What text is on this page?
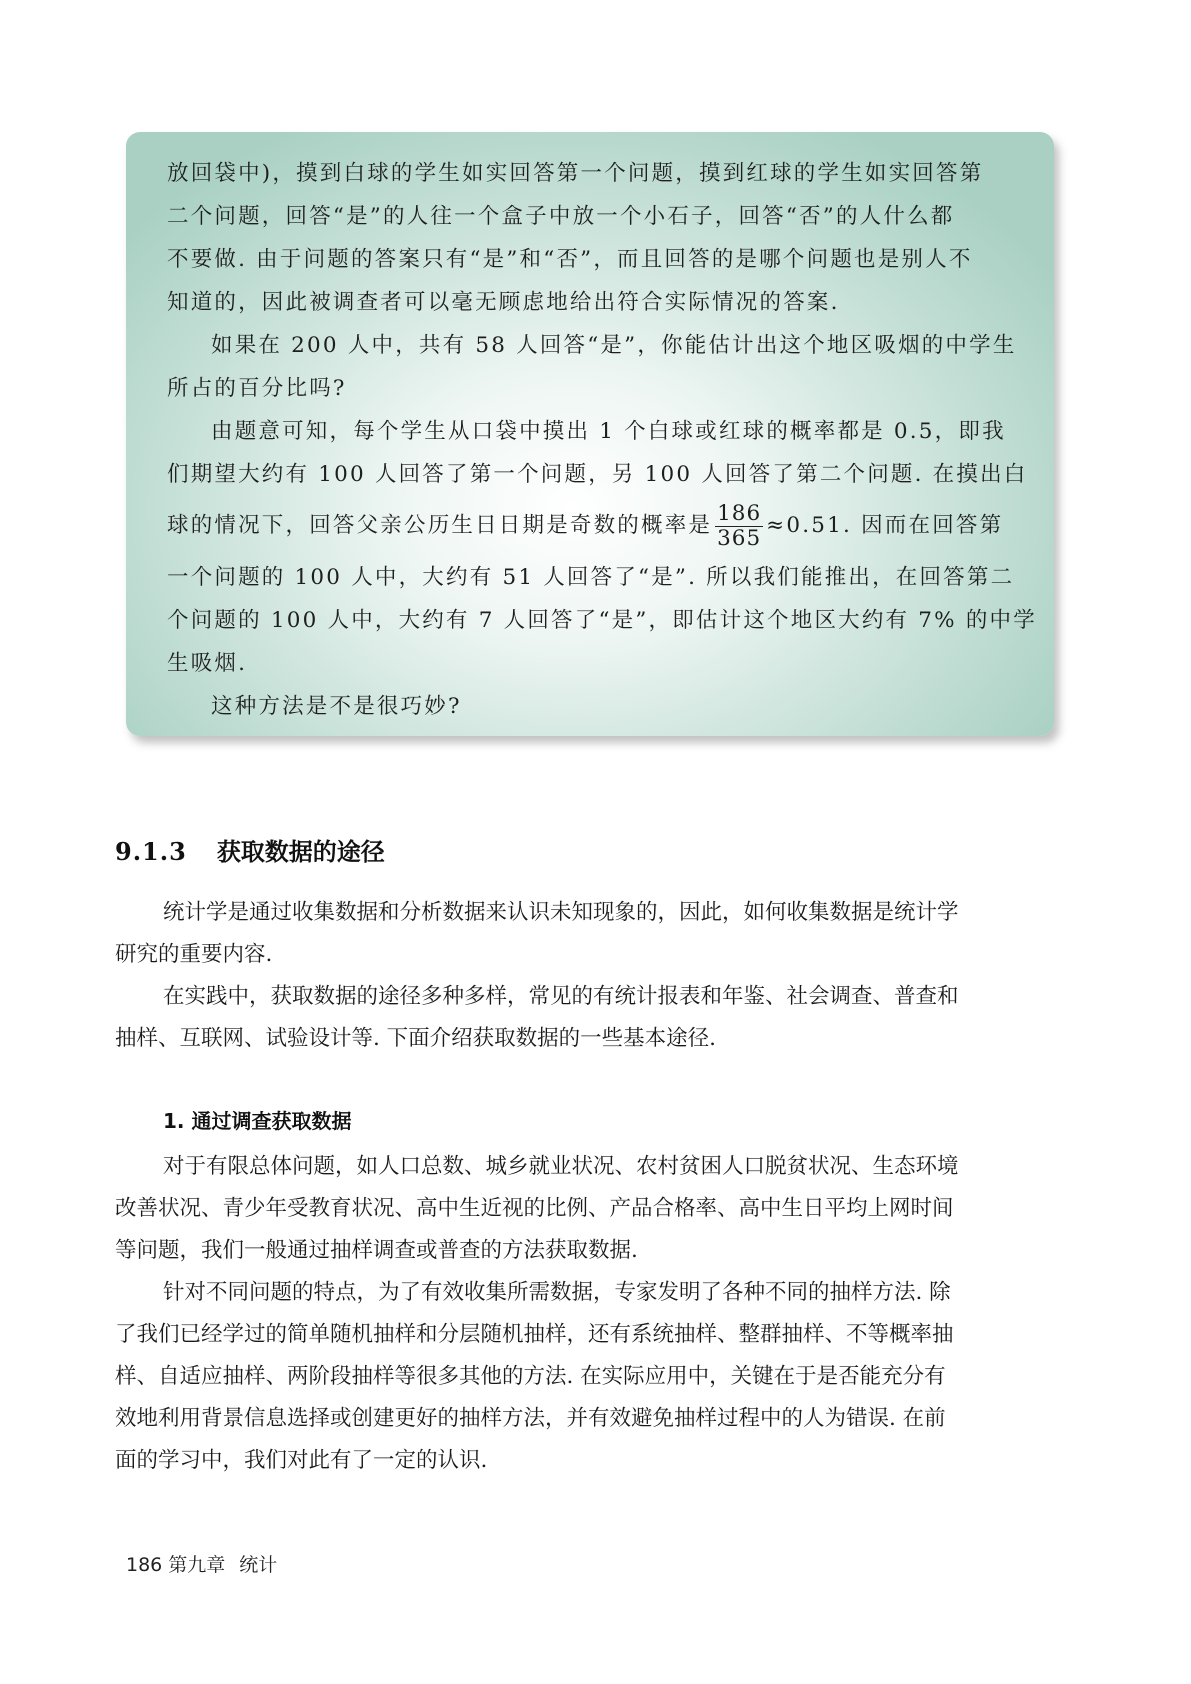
放回袋中)，摸到白球的学生如实回答第一个问题，摸到红球的学生如实回答第
二个问题，回答“是”的人往一个盒子中放一个小石子，回答“否”的人什么都
不要做. 由于问题的答案只有“是”和“否”，而且回答的是哪个问题也是别人不
知道的，因此被调查者可以毫无顾虑地给出符合实际情况的答案.
如果在 200 人中，共有 58 人回答“是”，你能估计出这个地区吸烟的中学生
所占的百分比吗?
由题意可知，每个学生从口袋中摸出 1 个白球或红球的概率都是 0.5，即我
们期望大约有 100 人回答了第一个问题，另 100 人回答了第二个问题. 在摸出白
球的情况下，回答父亲公历生日日期是奇数的概率是 $\frac{186}{365} \approx 0.51$. 因而在回答第
一个问题的 100 人中，大约有 51 人回答了“是”. 所以我们能推出，在回答第二
个问题的 100 人中，大约有 7 人回答了“是”，即估计这个地区大约有 7% 的中学
生吸烟.
这种方法是不是很巧妙?
9.1.3 获取数据的途径
统计学是通过收集数据和分析数据来认识未知现象的，因此，如何收集数据是统计学
研究的重要内容.
在实践中，获取数据的途径多种多样，常见的有统计报表和年鉴、社会调查、普查和
抽样、互联网、试验设计等. 下面介绍获取数据的一些基本途径.
1. 通过调查获取数据
对于有限总体问题，如人口总数、城乡就业状况、农村贫困人口脱贫状况、生态环境
改善状况、青少年受教育状况、高中生近视的比例、产品合格率、高中生日平均上网时间
等问题，我们一般通过抽样调查或普查的方法获取数据.
针对不同问题的特点，为了有效收集所需数据，专家发明了各种不同的抽样方法. 除
了我们已经学过的简单随机抽样和分层随机抽样，还有系统抽样、整群抽样、不等概率抽
样、自适应抽样、两阶段抽样等很多其他的方法. 在实际应用中，关键在于是否能充分有
效地利用背景信息选择或创建更好的抽样方法，并有效避免抽样过程中的人为错误. 在前
面的学习中，我们对此有了一定的认识.
186 第九章 统计
